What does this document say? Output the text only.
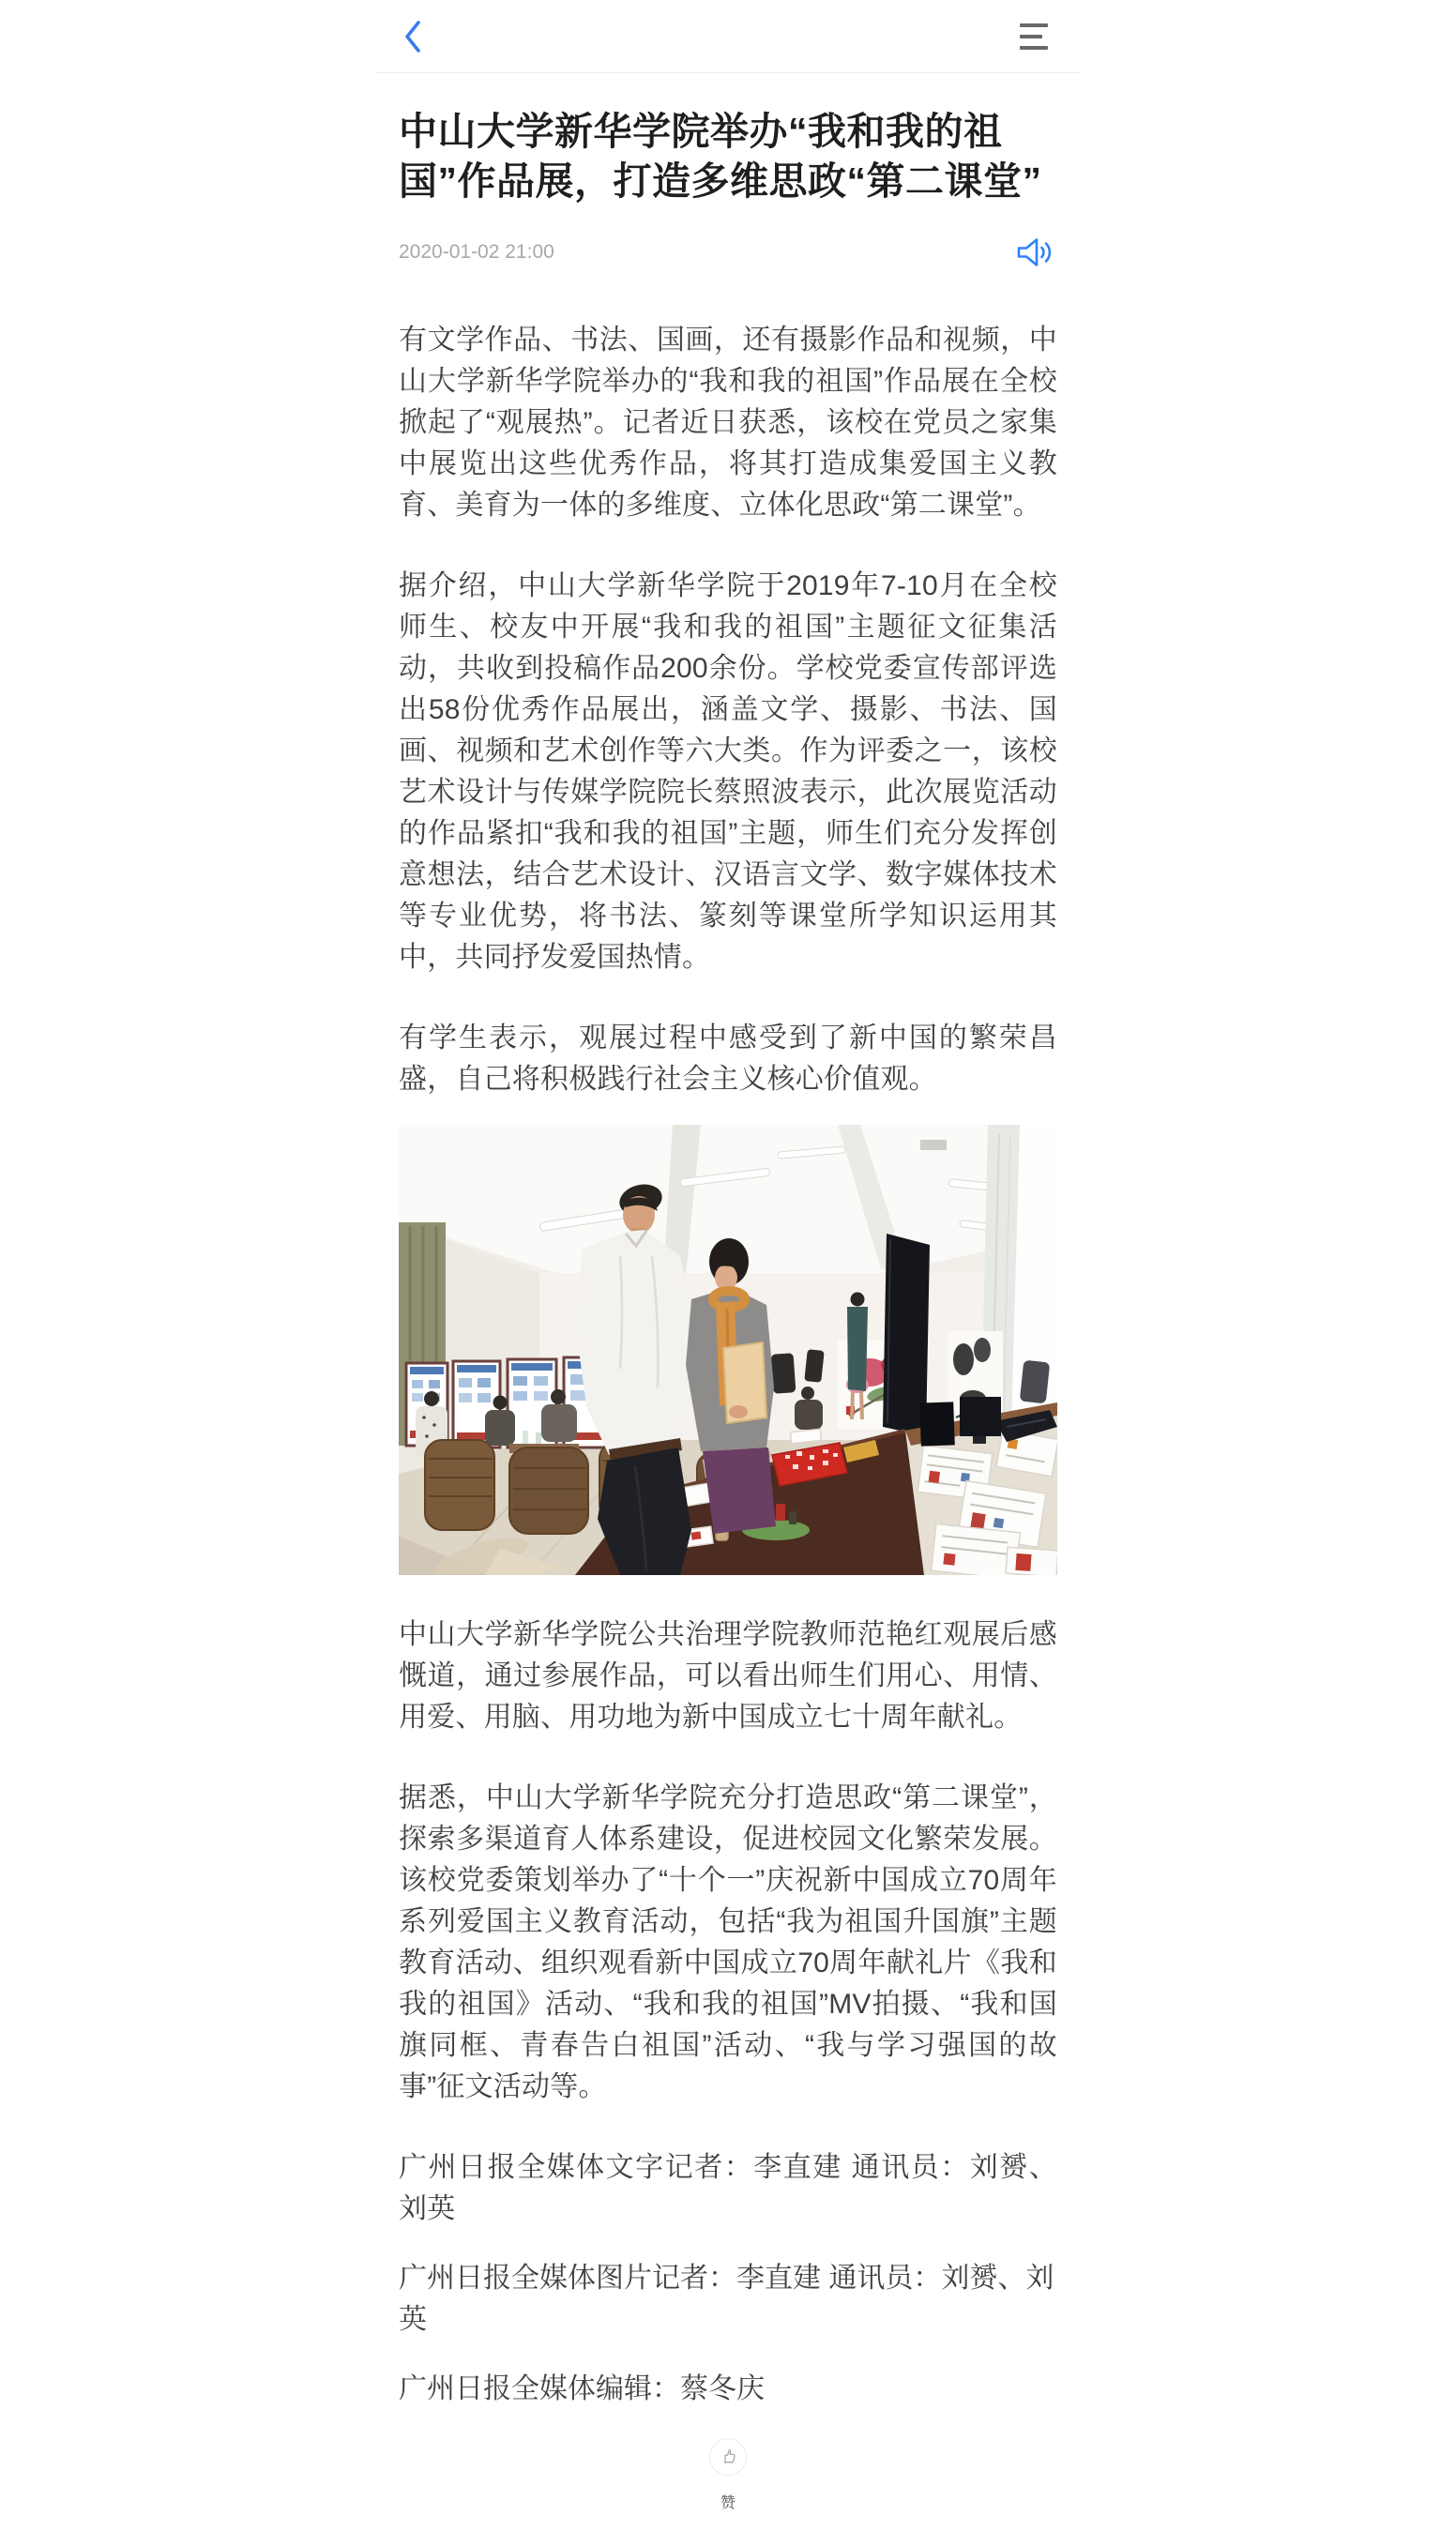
中山大学新华学院举办“我和我的祖国”作品展，打造多维思政“第二课堂”
2020-01-02 21:00

有文学作品、书法、国画，还有摄影作品和视频，中山大学新华学院举办的“我和我的祖国”作品展在全校掀起了“观展热”。记者近日获悉，该校在党员之家集中展览出这些优秀作品，将其打造成集爱国主义教育、美育为一体的多维度、立体化思政“第二课堂”。

据介绍，中山大学新华学院于2019年7-10月在全校师生、校友中开展“我和我的祖国”主题征文征集活动，共收到投稿作品200余份。学校党委宣传部评选出58份优秀作品展出，涵盖文学、摄影、书法、国画、视频和艺术创作等六大类。作为评委之一，该校艺术设计与传媒学院院长蔡照波表示，此次展览活动的作品紧扣“我和我的祖国”主题，师生们充分发挥创意想法，结合艺术设计、汉语言文学、数字媒体技术等专业优势，将书法、篆刻等课堂所学知识运用其中，共同抒发爱国热情。

有学生表示，观展过程中感受到了新中国的繁荣昌盛，自己将积极践行社会主义核心价值观。

中山大学新华学院公共治理学院教师范艳红观展后感慨道，通过参展作品，可以看出师生们用心、用情、用爱、用脑、用功地为新中国成立七十周年献礼。

据悉，中山大学新华学院充分打造思政“第二课堂”，探索多渠道育人体系建设，促进校园文化繁荣发展。该校党委策划举办了“十个一”庆祝新中国成立70周年系列爱国主义教育活动，包括“我为祖国升国旗”主题教育活动、组织观看新中国成立70周年献礼片《我和我的祖国》活动、“我和我的祖国”MV拍摄、“我和国旗同框、青春告白祖国”活动、“我与学习强国的故事”征文活动等。

广州日报全媒体文字记者：李直建 通讯员：刘赟、刘英

广州日报全媒体图片记者：李直建 通讯员：刘赟、刘英

广州日报全媒体编辑：蔡冬庆

赞
